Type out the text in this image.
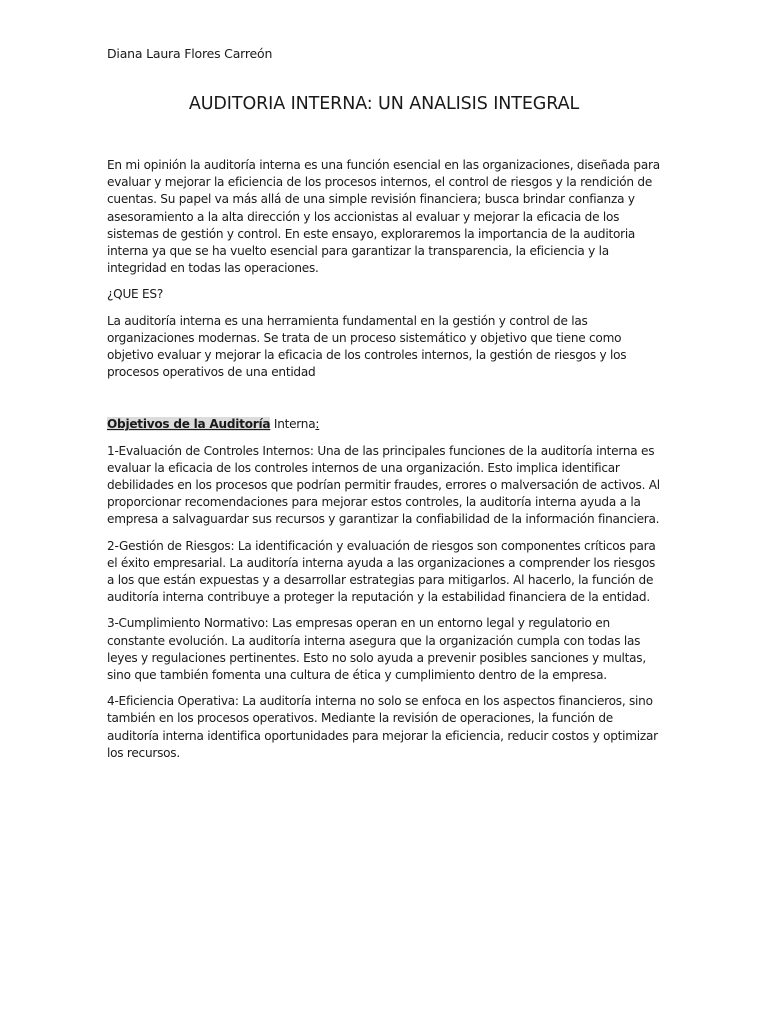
Diana Laura Flores Carreón
AUDITORIA INTERNA: UN ANALISIS INTEGRAL

En mi opinión la auditoría interna es una función esencial en las organizaciones, diseñada para evaluar y mejorar la eficiencia de los procesos internos, el control de riesgos y la rendición de cuentas. Su papel va más allá de una simple revisión financiera; busca brindar confianza y asesoramiento a la alta dirección y los accionistas al evaluar y mejorar la eficacia de los sistemas de gestión y control. En este ensayo, exploraremos la importancia de la auditoria interna ya que se ha vuelto esencial para garantizar la transparencia, la eficiencia y la integridad en todas las operaciones.

¿QUE ES?

La auditoría interna es una herramienta fundamental en la gestión y control de las organizaciones modernas. Se trata de un proceso sistemático y objetivo que tiene como objetivo evaluar y mejorar la eficacia de los controles internos, la gestión de riesgos y los procesos operativos de una entidad

Objetivos de la Auditoría Interna:

1-Evaluación de Controles Internos: Una de las principales funciones de la auditoría interna es evaluar la eficacia de los controles internos de una organización. Esto implica identificar debilidades en los procesos que podrían permitir fraudes, errores o malversación de activos. Al proporcionar recomendaciones para mejorar estos controles, la auditoría interna ayuda a la empresa a salvaguardar sus recursos y garantizar la confiabilidad de la información financiera.

2-Gestión de Riesgos: La identificación y evaluación de riesgos son componentes críticos para el éxito empresarial. La auditoría interna ayuda a las organizaciones a comprender los riesgos a los que están expuestas y a desarrollar estrategias para mitigarlos. Al hacerlo, la función de auditoría interna contribuye a proteger la reputación y la estabilidad financiera de la entidad.

3-Cumplimiento Normativo: Las empresas operan en un entorno legal y regulatorio en constante evolución. La auditoría interna asegura que la organización cumpla con todas las leyes y regulaciones pertinentes. Esto no solo ayuda a prevenir posibles sanciones y multas, sino que también fomenta una cultura de ética y cumplimiento dentro de la empresa.

4-Eficiencia Operativa: La auditoría interna no solo se enfoca en los aspectos financieros, sino también en los procesos operativos. Mediante la revisión de operaciones, la función de auditoría interna identifica oportunidades para mejorar la eficiencia, reducir costos y optimizar los recursos.
